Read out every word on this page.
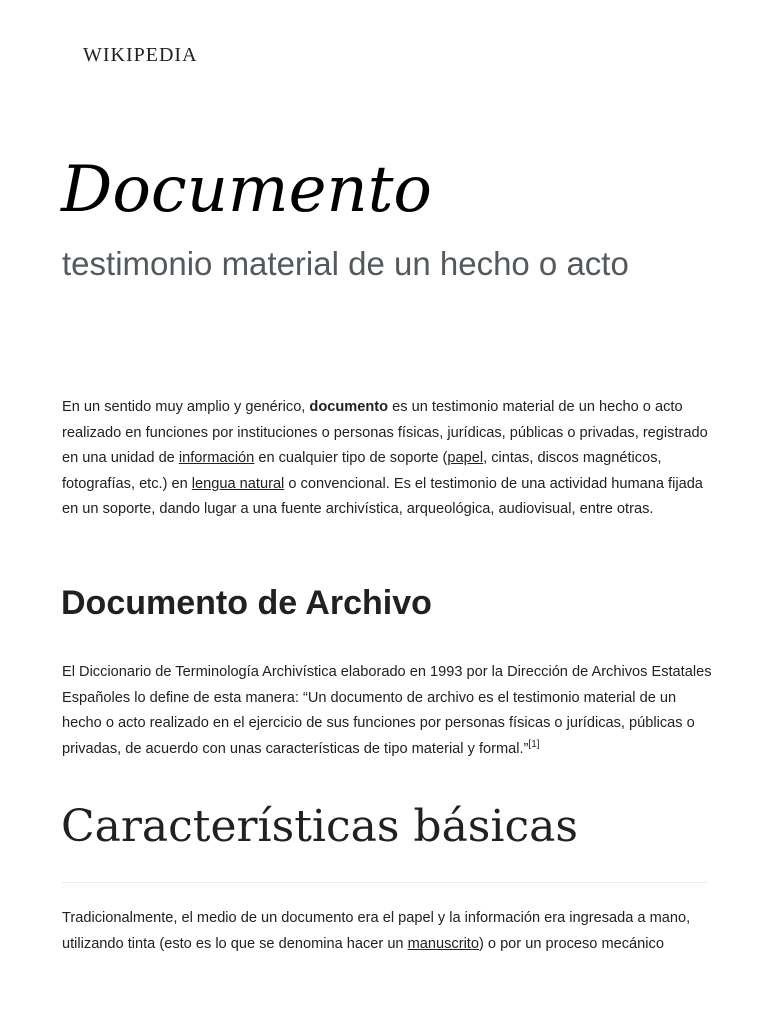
WIKIPEDIA
Documento
testimonio material de un hecho o acto

En un sentido muy amplio y genérico, documento es un testimonio material de un hecho o acto realizado en funciones por instituciones o personas físicas, jurídicas, públicas o privadas, registrado en una unidad de información en cualquier tipo de soporte (papel, cintas, discos magnéticos, fotografías, etc.) en lengua natural o convencional. Es el testimonio de una actividad humana fijada en un soporte, dando lugar a una fuente archivística, arqueológica, audiovisual, entre otras.

Documento de Archivo

El Diccionario de Terminología Archivística elaborado en 1993 por la Dirección de Archivos Estatales Españoles lo define de esta manera: “Un documento de archivo es el testimonio material de un hecho o acto realizado en el ejercicio de sus funciones por personas físicas o jurídicas, públicas o privadas, de acuerdo con unas características de tipo material y formal.”[1]

Características básicas

Tradicionalmente, el medio de un documento era el papel y la información era ingresada a mano, utilizando tinta (esto es lo que se denomina hacer un manuscrito) o por un proceso mecánico
